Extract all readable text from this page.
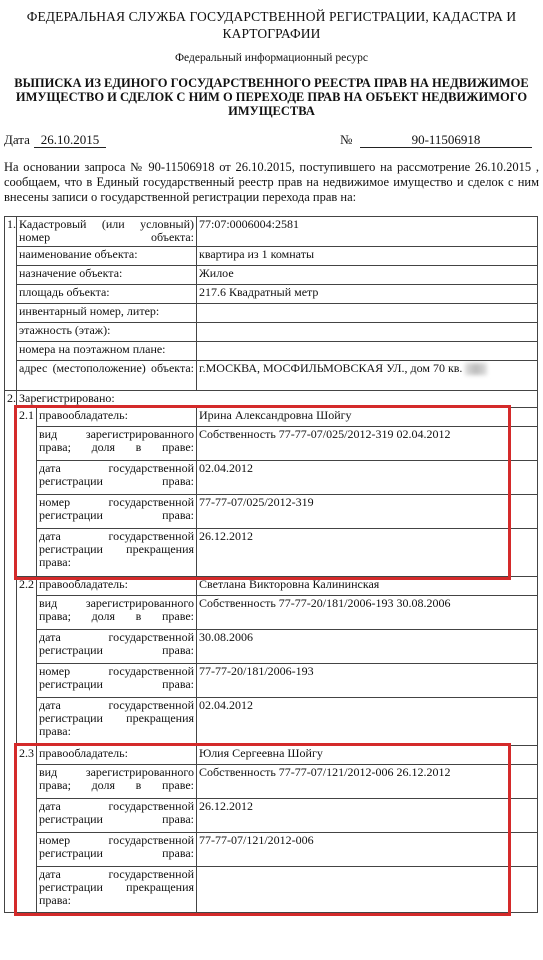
ФЕДЕРАЛЬНАЯ СЛУЖБА ГОСУДАРСТВЕННОЙ РЕГИСТРАЦИИ, КАДАСТРА И КАРТОГРАФИИ
Федеральный информационный ресурс
ВЫПИСКА ИЗ ЕДИНОГО ГОСУДАРСТВЕННОГО РЕЕСТРА ПРАВ НА НЕДВИЖИМОЕ ИМУЩЕСТВО И СДЕЛОК С НИМ О ПЕРЕХОДЕ ПРАВ НА ОБЪЕКТ НЕДВИЖИМОГО ИМУЩЕСТВА
Дата 26.10.2015	№	90-11506918
На основании запроса № 90-11506918 от 26.10.2015, поступившего на рассмотрение 26.10.2015 , сообщаем, что в Единый государственный реестр прав на недвижимое имущество и сделок с ним внесены записи о государственной регистрации перехода прав на:
1.	Кадастровый (или условный) номер объекта:		77:07:0006004:2581
	наименование объекта:		квартира из 1 комнаты
	назначение объекта:		Жилое
	площадь объекта:		217.6 Квадратный метр
	инвентарный номер, литер:		
	этажность (этаж):		
	номера на поэтажном плане:		
	адрес (местоположение) объекта:		г.МОСКВА, МОСФИЛЬМОВСКАЯ УЛ., дом 70 кв.
2.	Зарегистрировано:		
	2.1	правообладатель:	Ирина Александровна Шойгу
		вид зарегистрированного права; доля в праве:	Собственность 77-77-07/025/2012-319 02.04.2012
		дата государственной регистрации права:	02.04.2012
		номер государственной регистрации права:	77-77-07/025/2012-319
		дата государственной регистрации прекращения права:	26.12.2012
	2.2	правообладатель:	Светлана Викторовна Калининская
		вид зарегистрированного права; доля в праве:	Собственность 77-77-20/181/2006-193 30.08.2006
		дата государственной регистрации права:	30.08.2006
		номер государственной регистрации права:	77-77-20/181/2006-193
		дата государственной регистрации прекращения права:	02.04.2012
	2.3	правообладатель:	Юлия Сергеевна Шойгу
		вид зарегистрированного права; доля в праве:	Собственность 77-77-07/121/2012-006 26.12.2012
		дата государственной регистрации права:	26.12.2012
		номер государственной регистрации права:	77-77-07/121/2012-006
		дата государственной регистрации прекращения права:	
